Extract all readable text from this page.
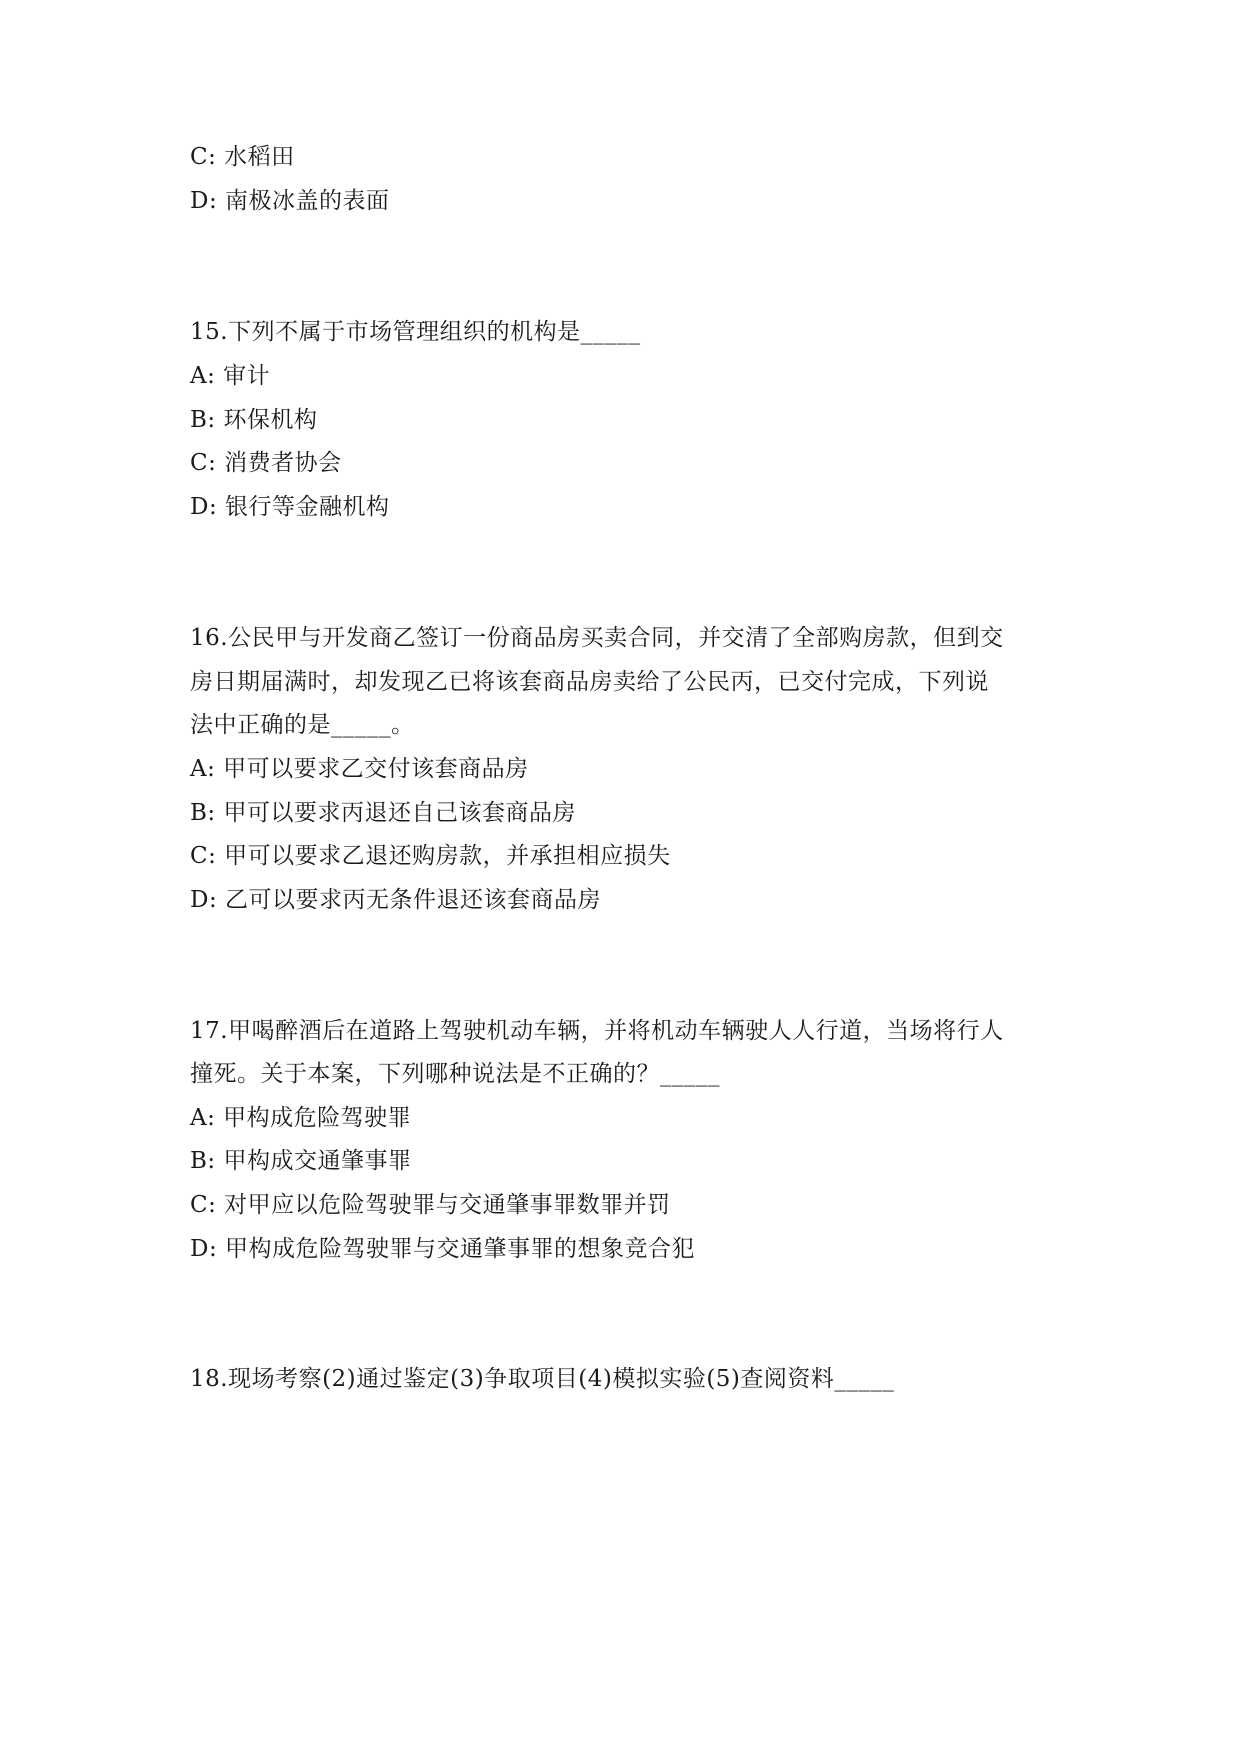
C: 水稻田
D: 南极冰盖的表面
15.下列不属于市场管理组织的机构是_____
A: 审计
B: 环保机构
C: 消费者协会
D: 银行等金融机构
16.公民甲与开发商乙签订一份商品房买卖合同，并交清了全部购房款，但到交
房日期届满时，却发现乙已将该套商品房卖给了公民丙，已交付完成，下列说
法中正确的是_____。
A: 甲可以要求乙交付该套商品房
B: 甲可以要求丙退还自己该套商品房
C: 甲可以要求乙退还购房款，并承担相应损失
D: 乙可以要求丙无条件退还该套商品房
17.甲喝醉酒后在道路上驾驶机动车辆，并将机动车辆驶人人行道，当场将行人
撞死。关于本案，下列哪种说法是不正确的？_____
A: 甲构成危险驾驶罪
B: 甲构成交通肇事罪
C: 对甲应以危险驾驶罪与交通肇事罪数罪并罚
D: 甲构成危险驾驶罪与交通肇事罪的想象竞合犯
18.现场考察(2)通过鉴定(3)争取项目(4)模拟实验(5)查阅资料_____
